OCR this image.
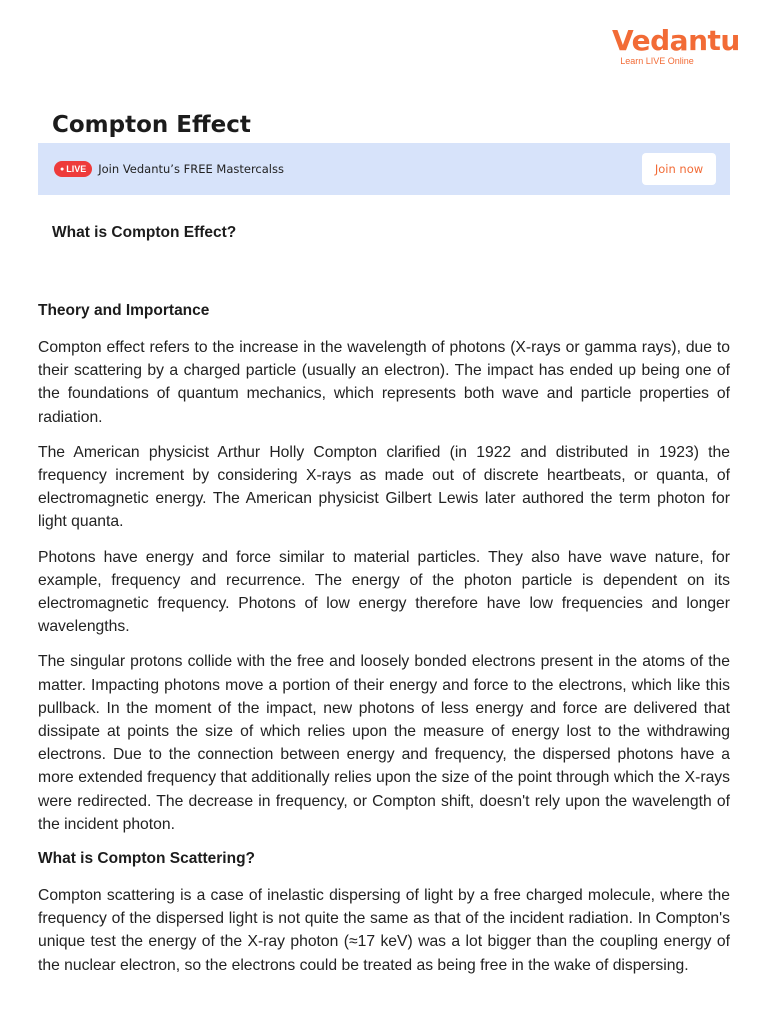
Vedantu
Learn LIVE Online
Compton Effect
● LIVE Join Vedantu’s FREE Mastercalss	Join now
What is Compton Effect?
Theory and Importance

Compton effect refers to the increase in the wavelength of photons (X-rays or gamma rays), due to their scattering by a charged particle (usually an electron). The impact has ended up being one of the foundations of quantum mechanics, which represents both wave and particle properties of radiation.

The American physicist Arthur Holly Compton clarified (in 1922 and distributed in 1923) the frequency increment by considering X-rays as made out of discrete heartbeats, or quanta, of electromagnetic energy. The American physicist Gilbert Lewis later authored the term photon for light quanta.

Photons have energy and force similar to material particles. They also have wave nature, for example, frequency and recurrence. The energy of the photon particle is dependent on its electromagnetic frequency. Photons of low energy therefore have low frequencies and longer wavelengths.

The singular protons collide with the free and loosely bonded electrons present in the atoms of the matter. Impacting photons move a portion of their energy and force to the electrons, which like this pullback. In the moment of the impact, new photons of less energy and force are delivered that dissipate at points the size of which relies upon the measure of energy lost to the withdrawing electrons. Due to the connection between energy and frequency, the dispersed photons have a more extended frequency that additionally relies upon the size of the point through which the X-rays were redirected. The decrease in frequency, or Compton shift, doesn't rely upon the wavelength of the incident photon.

What is Compton Scattering?

Compton scattering is a case of inelastic dispersing of light by a free charged molecule, where the frequency of the dispersed light is not quite the same as that of the incident radiation. In Compton's unique test the energy of the X-ray photon (≈17 keV) was a lot bigger than the coupling energy of the nuclear electron, so the electrons could be treated as being free in the wake of dispersing.
